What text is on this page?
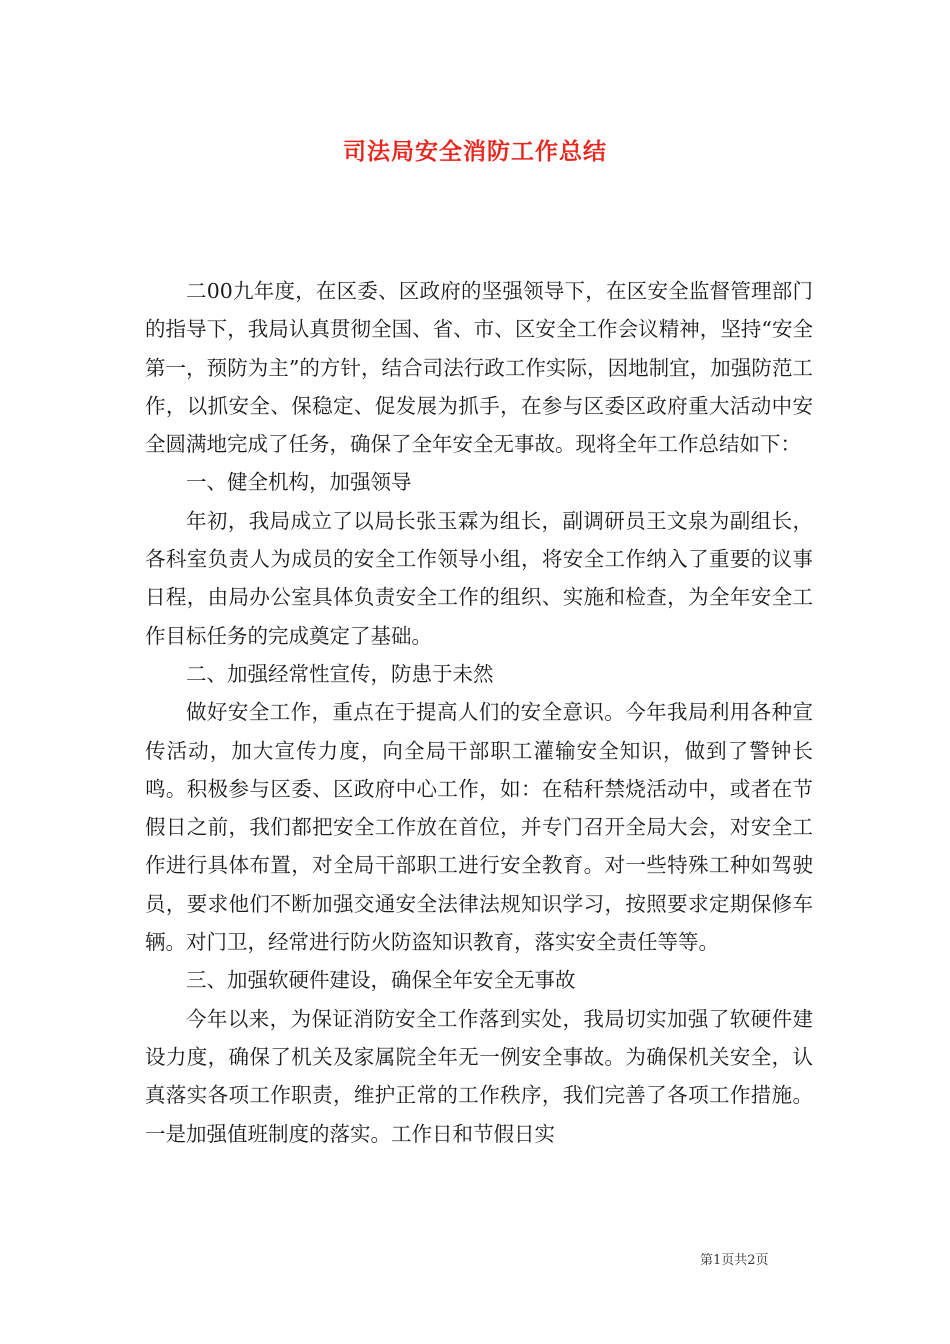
司法局安全消防工作总结

二00九年度，在区委、区政府的坚强领导下，在区安全监督管理部门的指导下，我局认真贯彻全国、省、市、区安全工作会议精神，坚持“安全第一，预防为主”的方针，结合司法行政工作实际，因地制宜，加强防范工作，以抓安全、保稳定、促发展为抓手，在参与区委区政府重大活动中安全圆满地完成了任务，确保了全年安全无事故。现将全年工作总结如下：

一、健全机构，加强领导

年初，我局成立了以局长张玉霖为组长，副调研员王文泉为副组长，各科室负责人为成员的安全工作领导小组，将安全工作纳入了重要的议事日程，由局办公室具体负责安全工作的组织、实施和检查，为全年安全工作目标任务的完成奠定了基础。

二、加强经常性宣传，防患于未然

做好安全工作，重点在于提高人们的安全意识。今年我局利用各种宣传活动，加大宣传力度，向全局干部职工灌输安全知识，做到了警钟长鸣。积极参与区委、区政府中心工作，如：在秸秆禁烧活动中，或者在节假日之前，我们都把安全工作放在首位，并专门召开全局大会，对安全工作进行具体布置，对全局干部职工进行安全教育。对一些特殊工种如驾驶员，要求他们不断加强交通安全法律法规知识学习，按照要求定期保修车辆。对门卫，经常进行防火防盗知识教育，落实安全责任等等。

三、加强软硬件建设，确保全年安全无事故

今年以来，为保证消防安全工作落到实处，我局切实加强了软硬件建设力度，确保了机关及家属院全年无一例安全事故。为确保机关安全，认真落实各项工作职责，维护正常的工作秩序，我们完善了各项工作措施。一是加强值班制度的落实。工作日和节假日实

第1页共2页
